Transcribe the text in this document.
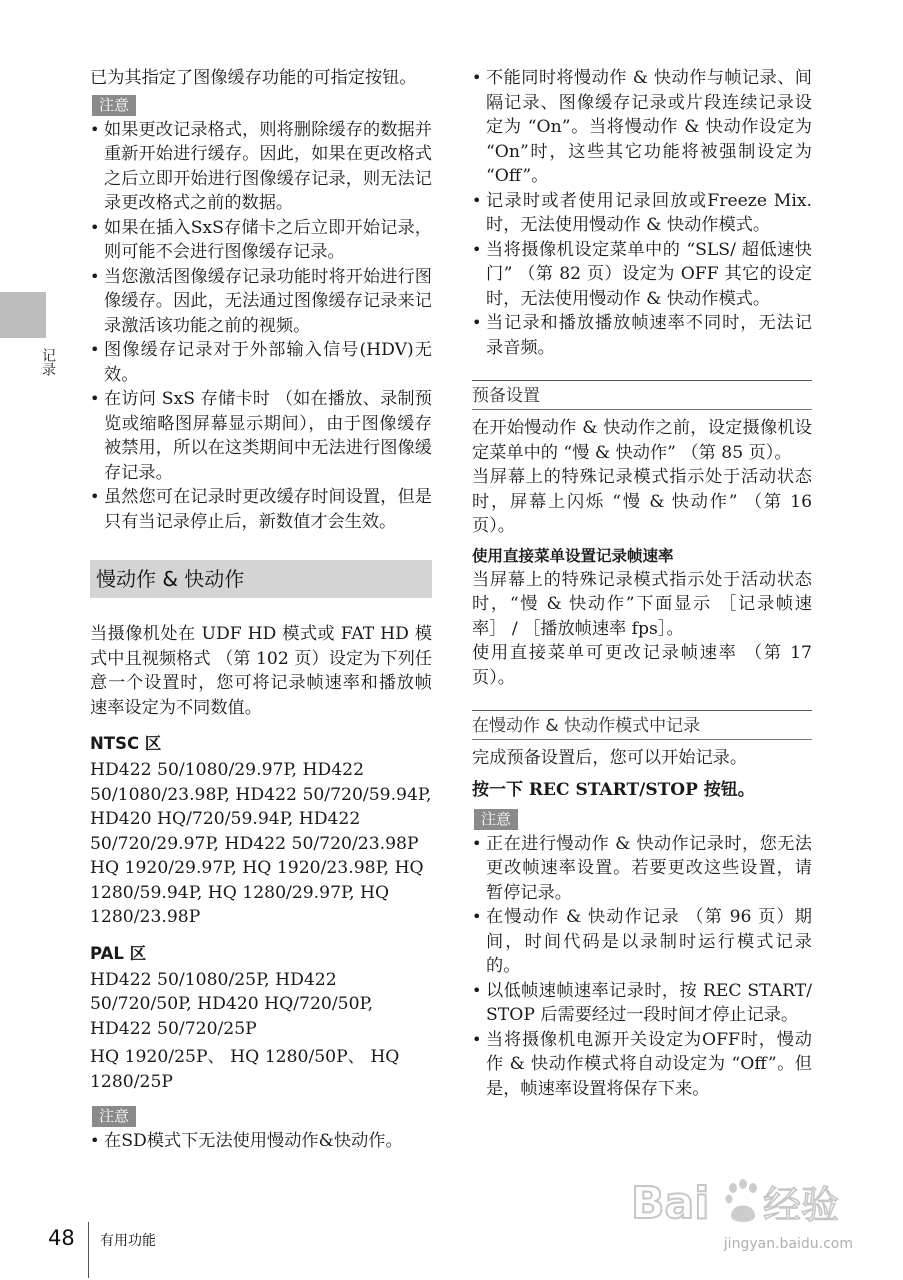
记录

已为其指定了图像缓存功能的可指定按钮。

注意
• 如果更改记录格式，则将删除缓存的数据并重新开始进行缓存。因此，如果在更改格式之后立即开始进行图像缓存记录，则无法记录更改格式之前的数据。
• 如果在插入SxS存储卡之后立即开始记录，则可能不会进行图像缓存记录。
• 当您激活图像缓存记录功能时将开始进行图像缓存。因此，无法通过图像缓存记录来记录激活该功能之前的视频。
• 图像缓存记录对于外部输入信号(HDV)无效。
• 在访问 SxS 存储卡时 （如在播放、录制预览或缩略图屏幕显示期间），由于图像缓存被禁用，所以在这类期间中无法进行图像缓存记录。
• 虽然您可在记录时更改缓存时间设置，但是只有当记录停止后，新数值才会生效。
慢动作 & 快动作

当摄像机处在 UDF HD 模式或 FAT HD 模式中且视频格式 （第 102 页）设定为下列任意一个设置时，您可将记录帧速率和播放帧速率设定为不同数值。

NTSC 区

HD422 50/1080/29.97P, HD422 50/1080/23.98P, HD422 50/720/59.94P, HD420 HQ/720/59.94P, HD422 50/720/29.97P, HD422 50/720/23.98P

HQ 1920/29.97P, HQ 1920/23.98P, HQ 1280/59.94P, HQ 1280/29.97P, HQ 1280/23.98P

PAL 区

HD422 50/1080/25P, HD422 50/720/50P, HD420 HQ/720/50P, HD422 50/720/25P

HQ 1920/25P、 HQ 1280/50P、 HQ 1280/25P

注意
• 在SD模式下无法使用慢动作&快动作。
• 不能同时将慢动作 & 快动作与帧记录、间隔记录、图像缓存记录或片段连续记录设定为 “On”。当将慢动作 & 快动作设定为 “On”时，这些其它功能将被强制设定为 “Off”。
• 记录时或者使用记录回放或Freeze Mix.时，无法使用慢动作 & 快动作模式。
• 当将摄像机设定菜单中的 “SLS/ 超低速快门” （第 82 页）设定为 OFF 其它的设定时，无法使用慢动作 & 快动作模式。
• 当记录和播放播放帧速率不同时，无法记录音频。
预备设置

在开始慢动作 & 快动作之前，设定摄像机设定菜单中的 “慢 & 快动作” （第 85 页）。

当屏幕上的特殊记录模式指示处于活动状态时，屏幕上闪烁 “慢 & 快动作” （第 16 页）。

使用直接菜单设置记录帧速率

当屏幕上的特殊记录模式指示处于活动状态时，“慢 & 快动作”下面显示 ［记录帧速率］ / ［播放帧速率 fps］。

使用直接菜单可更改记录帧速率 （第 17 页）。

在慢动作 & 快动作模式中记录

完成预备设置后，您可以开始记录。

按一下 REC START/STOP 按钮。
注意
• 正在进行慢动作 & 快动作记录时，您无法更改帧速率设置。若要更改这些设置，请暂停记录。
• 在慢动作 & 快动作记录 （第 96 页）期间，时间代码是以录制时运行模式记录的。
• 以低帧速帧速率记录时，按 REC START/STOP 后需要经过一段时间才停止记录。
• 当将摄像机电源开关设定为OFF时，慢动作 & 快动作模式将自动设定为 “Off”。但是，帧速率设置将保存下来。
48 有用功能
Bai 经验
jingyan.baidu.com
